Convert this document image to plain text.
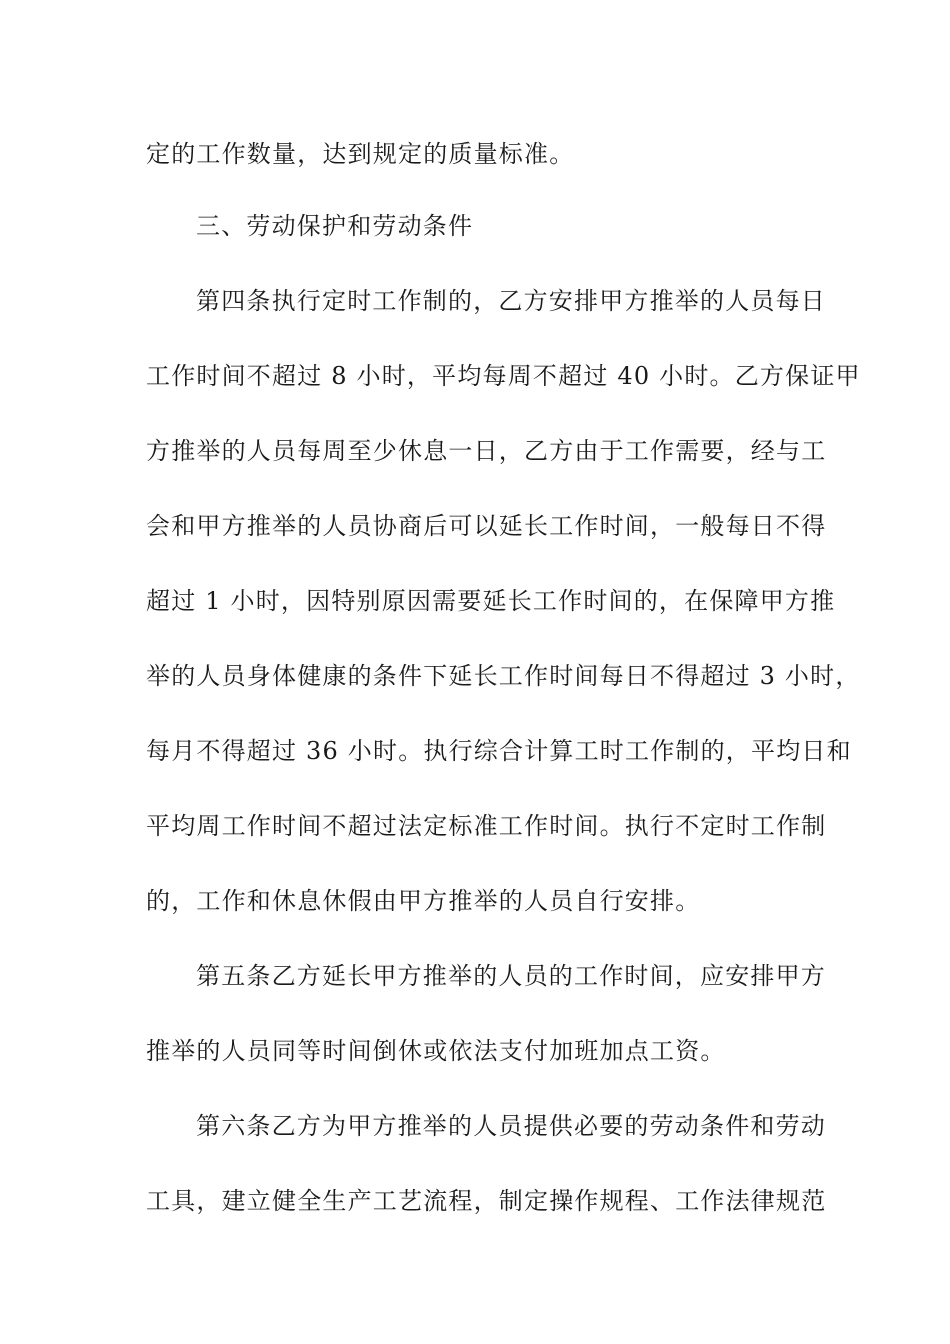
定的工作数量，达到规定的质量标准。
三、劳动保护和劳动条件
第四条执行定时工作制的，乙方安排甲方推举的人员每日
工作时间不超过 8 小时，平均每周不超过 40 小时。乙方保证甲
方推举的人员每周至少休息一日，乙方由于工作需要，经与工
会和甲方推举的人员协商后可以延长工作时间，一般每日不得
超过 1 小时，因特别原因需要延长工作时间的，在保障甲方推
举的人员身体健康的条件下延长工作时间每日不得超过 3 小时，
每月不得超过 36 小时。执行综合计算工时工作制的，平均日和
平均周工作时间不超过法定标准工作时间。执行不定时工作制
的，工作和休息休假由甲方推举的人员自行安排。
第五条乙方延长甲方推举的人员的工作时间，应安排甲方
推举的人员同等时间倒休或依法支付加班加点工资。
第六条乙方为甲方推举的人员提供必要的劳动条件和劳动
工具，建立健全生产工艺流程，制定操作规程、工作法律规范
